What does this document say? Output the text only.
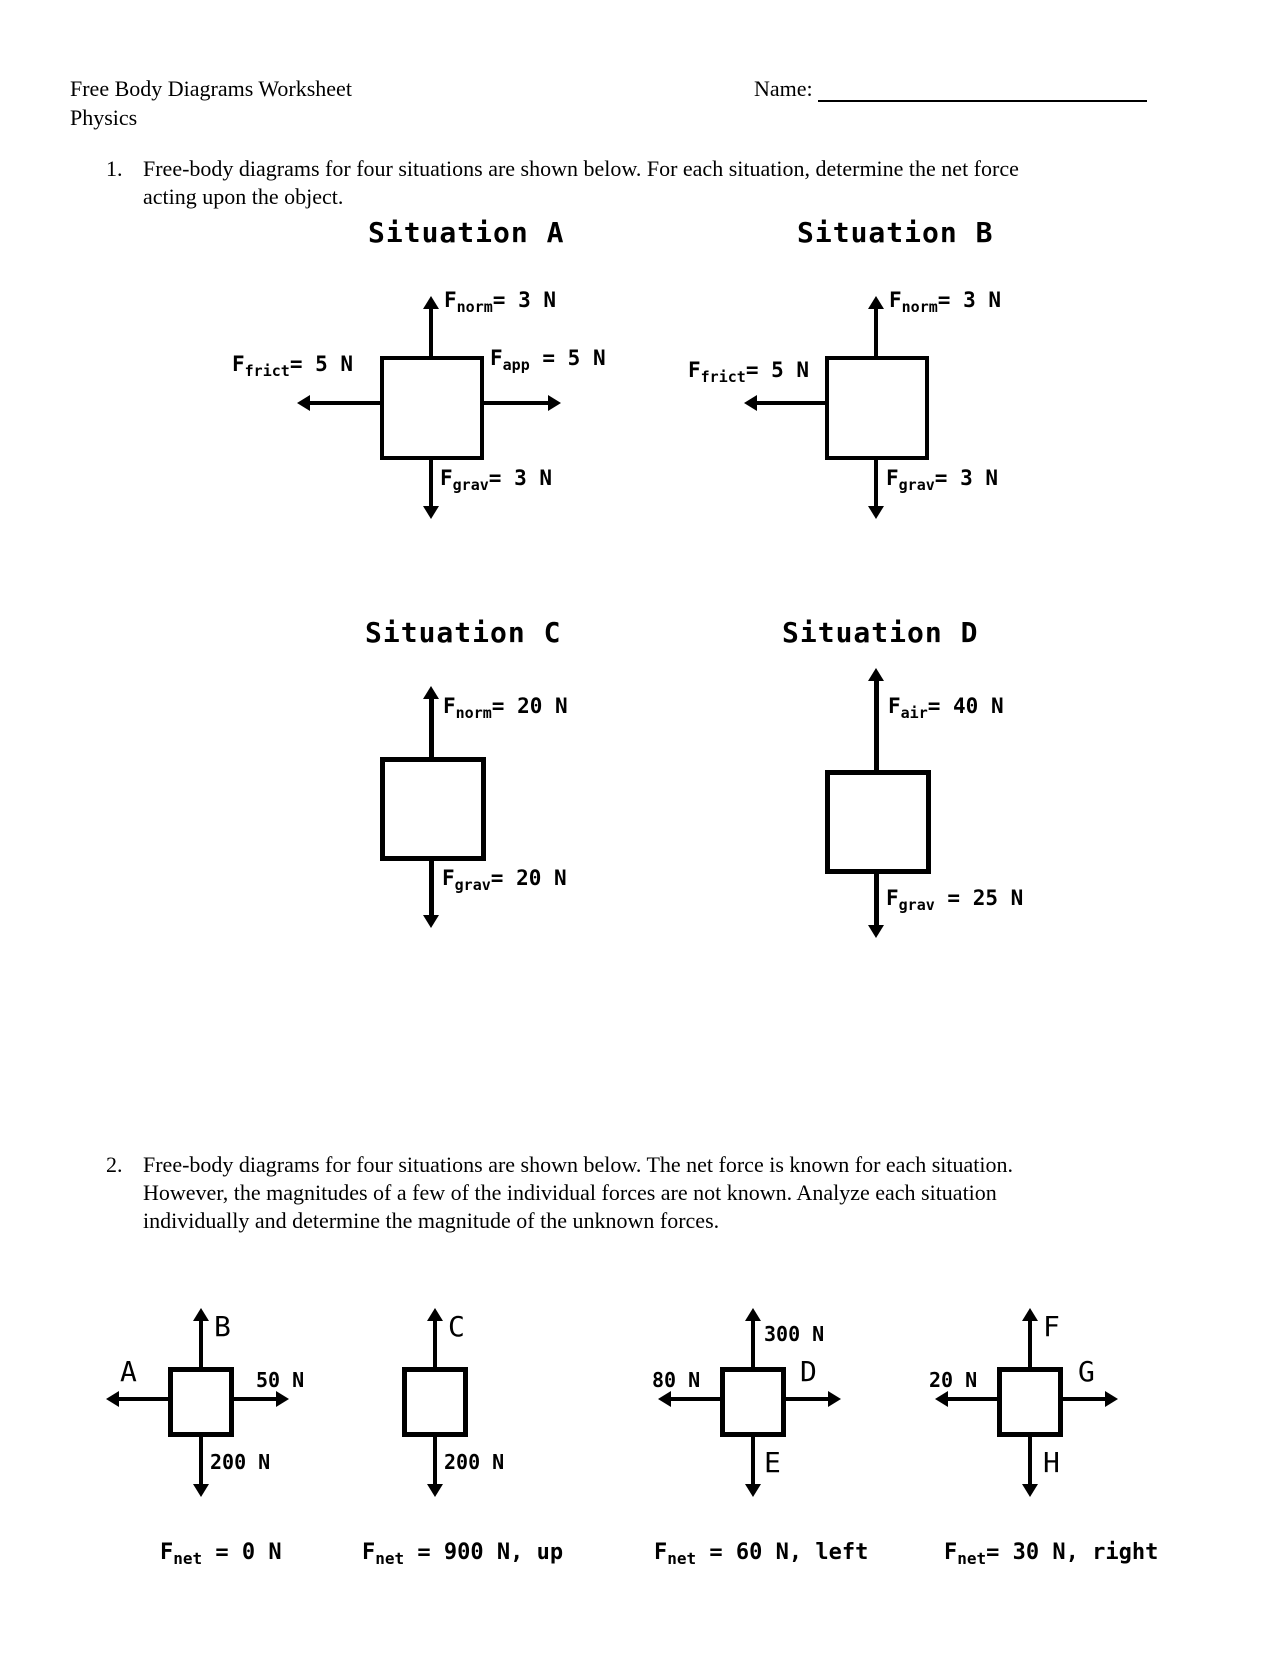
Free Body Diagrams Worksheet
Physics
Name:
1. Free-body diagrams for four situations are shown below. For each situation, determine the net force
acting upon the object.
Situation A
$F_{norm}= 3$ N
$F_{frict}= 5$ N	$F_{app} = 5$ N
$F_{grav}= 3$ N
Situation B
$F_{norm}= 3$ N
$F_{frict}= 5$ N
$F_{grav}= 3$ N
Situation C
$F_{norm}= 20$ N
$F_{grav}= 20$ N
Situation D
$F_{air}= 40$ N
$F_{grav} = 25$ N
2. Free-body diagrams for four situations are shown below. The net force is known for each situation.
However, the magnitudes of a few of the individual forces are not known. Analyze each situation
individually and determine the magnitude of the unknown forces.
B
A	50 N
200 N
$F_{net} = 0$ N
C
200 N
$F_{net} = 900$ N, up
300 N
80 N	D
E
$F_{net} = 60$ N, left
F
20 N	G
H
$F_{net}= 30$ N, right
